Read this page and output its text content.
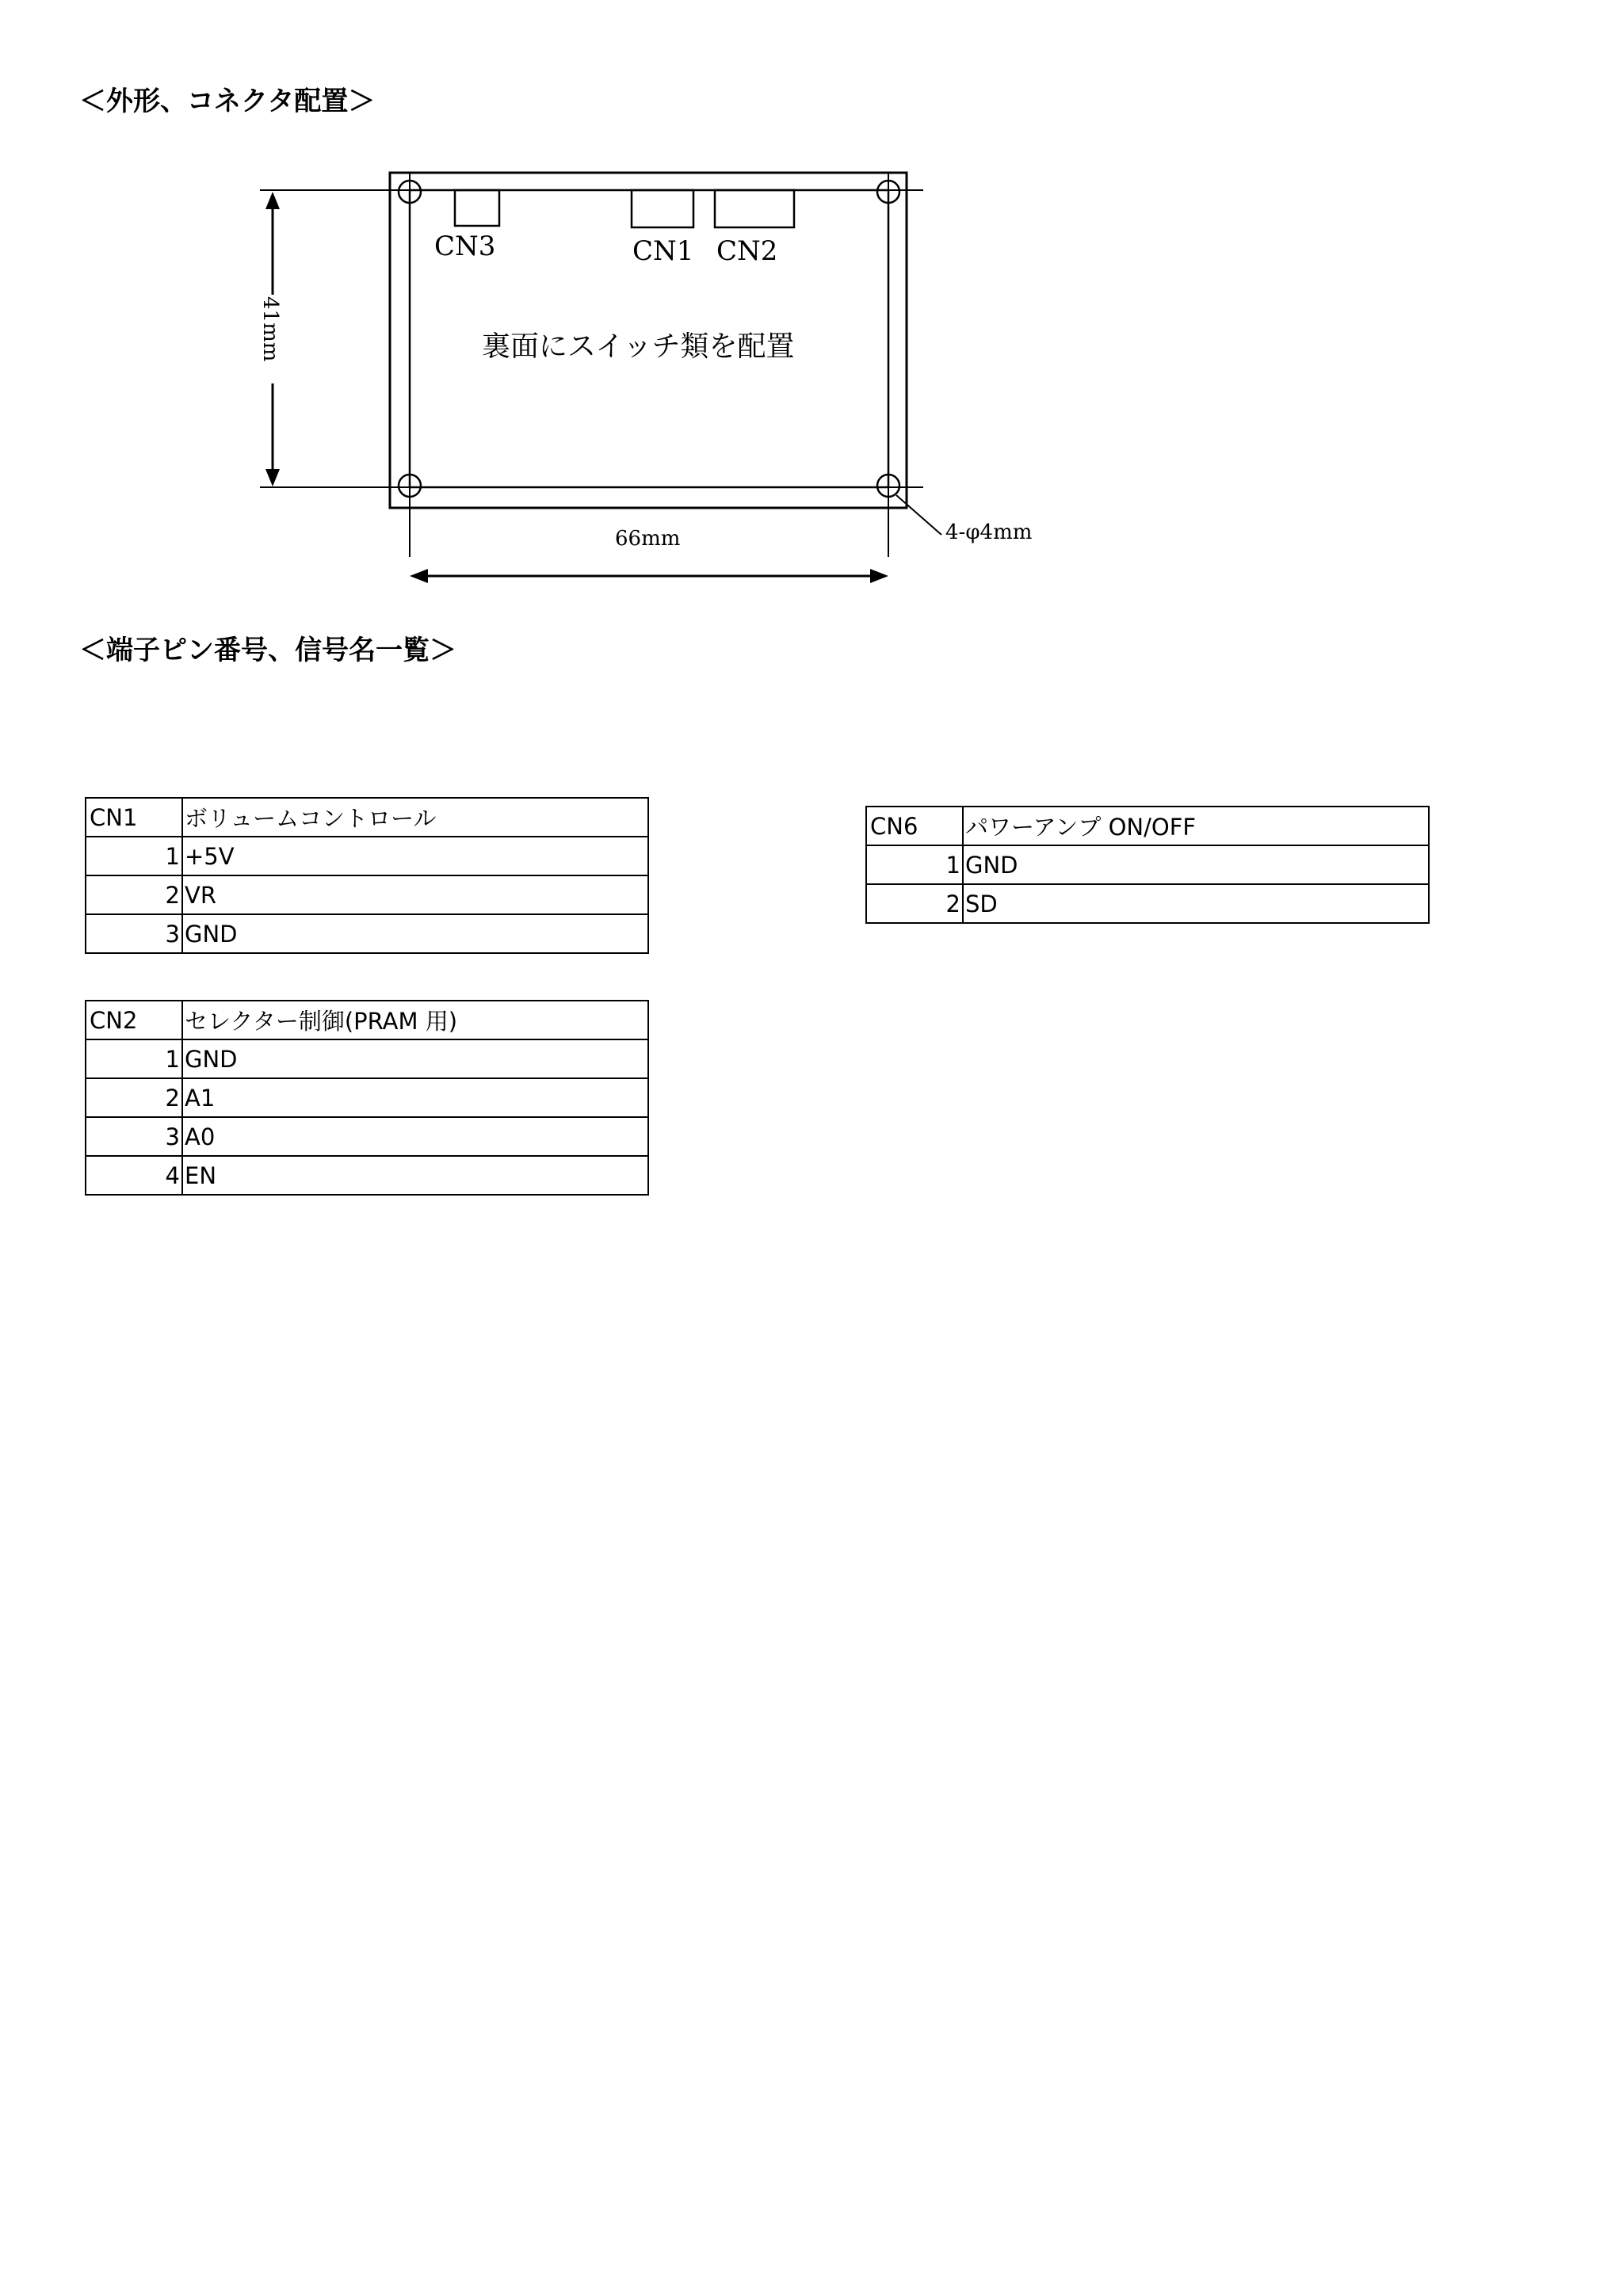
＜外形、コネクタ配置＞
CN3	CN1 CN2
裏面にスイッチ類を配置
41mm
66mm	4‐φ4mm
＜端子ピン番号、信号名一覧＞
CN1	ボリュームコントロール
1	+5V
2	VR
3	GND
CN2	セレクター制御(PRAM 用)
1	GND
2	A1
3	A0
4	EN
CN6	パワーアンプ ON/OFF
1	GND
2	SD
